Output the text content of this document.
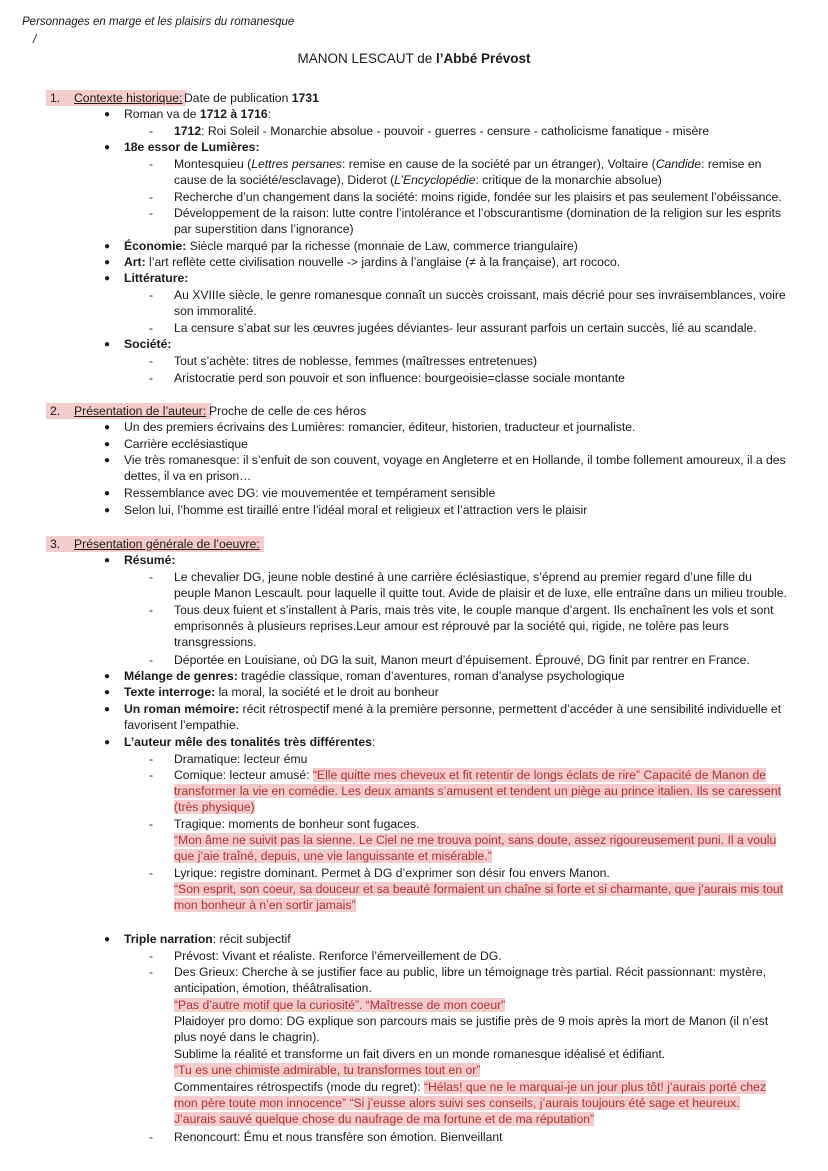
Personnages en marge et les plaisirs du romanesque
/
MANON LESCAUT de l’Abbé Prévost
1. Contexte historique: Date de publication 1731
● Roman va de 1712 à 1716:
- 1712: Roi Soleil - Monarchie absolue - pouvoir - guerres - censure - catholicisme fanatique - misère
● 18e essor de Lumières:
- Montesquieu (Lettres persanes: remise en cause de la société par un étranger), Voltaire (Candide: remise en
cause de la société/esclavage), Diderot (L’Encyclopédie: critique de la monarchie absolue)
- Recherche d’un changement dans la société: moins rigide, fondée sur les plaisirs et pas seulement l’obéissance.
- Développement de la raison: lutte contre l’intolérance et l’obscurantisme (domination de la religion sur les esprits
par superstition dans l’ignorance)
● Économie: Siècle marqué par la richesse (monnaie de Law, commerce triangulaire)
● Art: l’art reflète cette civilisation nouvelle -> jardins à l’anglaise (≠ à la française), art rococo.
● Littérature:
- Au XVIIIe siècle, le genre romanesque connaît un succès croissant, mais décrié pour ses invraisemblances, voire
son immoralité.
- La censure s’abat sur les œuvres jugées déviantes- leur assurant parfois un certain succès, lié au scandale.
● Société:
- Tout s’achète: titres de noblesse, femmes (maîtresses entretenues)
- Aristocratie perd son pouvoir et son influence: bourgeoisie=classe sociale montante
2. Présentation de l’auteur: Proche de celle de ces héros
● Un des premiers écrivains des Lumières: romancier, éditeur, historien, traducteur et journaliste.
● Carrière ecclésiastique
● Vie très romanesque: il s’enfuit de son couvent, voyage en Angleterre et en Hollande, il tombe follement amoureux, il a des
dettes, il va en prison…
● Ressemblance avec DG: vie mouvementée et tempérament sensible
● Selon lui, l’homme est tiraillé entre l’idéal moral et religieux et l’attraction vers le plaisir
3. Présentation générale de l’oeuvre:
● Résumé:
- Le chevalier DG, jeune noble destiné à une carrière éclésiastique, s’éprend au premier regard d’une fille du
peuple Manon Lescault. pour laquelle il quitte tout. Avide de plaisir et de luxe, elle entraîne dans un milieu trouble.
- Tous deux fuient et s’installent à Paris, mais très vite, le couple manque d’argent. Ils enchaînent les vols et sont
emprisonnés à plusieurs reprises.Leur amour est réprouvé par la société qui, rigide, ne tolère pas leurs
transgressions.
- Déportée en Louisiane, où DG la suit, Manon meurt d’épuisement. Éprouvé, DG finit par rentrer en France.
● Mélange de genres: tragédie classique, roman d’aventures, roman d’analyse psychologique
● Texte interroge: la moral, la société et le droit au bonheur
● Un roman mémoire: récit rétrospectif mené à la première personne, permettent d’accéder à une sensibilité individuelle et
favorisent l’empathie.
● L’auteur mêle des tonalités très différentes:
- Dramatique: lecteur ému
- Comique: lecteur amusé: “Elle quitte mes cheveux et fit retentir de longs éclats de rire” Capacité de Manon de
transformer la vie en comédie. Les deux amants s’amusent et tendent un piège au prince italien. Ils se caressent
(très physique)
- Tragique: moments de bonheur sont fugaces.
“Mon âme ne suivit pas la sienne. Le Ciel ne me trouva point, sans doute, assez rigoureusement puni. Il a voulu
que j’aie traîné, depuis, une vie languissante et misérable.”
- Lyrique: registre dominant. Permet à DG d’exprimer son désir fou envers Manon.
“Son esprit, son coeur, sa douceur et sa beauté formaient un chaîne si forte et si charmante, que j’aurais mis tout
mon bonheur à n’en sortir jamais”
● Triple narration: récit subjectif
- Prévost: Vivant et réaliste. Renforce l’émerveillement de DG.
- Des Grieux: Cherche à se justifier face au public, libre un témoignage très partial. Récit passionnant: mystère,
anticipation, émotion, théâtralisation.
“Pas d’autre motif que la curiosité”. “Maîtresse de mon coeur”
Plaidoyer pro domo: DG explique son parcours mais se justifie près de 9 mois après la mort de Manon (il n’est
plus noyé dans le chagrin).
Sublime la réalité et transforme un fait divers en un monde romanesque idéalisé et édifiant.
“Tu es une chimiste admirable, tu transformes tout en or”
Commentaires rétrospectifs (mode du regret): “Hélas! que ne le marquai-je un jour plus tôt! j’aurais porté chez
mon père toute mon innocence” “Si j’eusse alors suivi ses conseils, j’aurais toujours été sage et heureux.
J’aurais sauvé quelque chose du naufrage de ma fortune et de ma réputation”
- Renoncourt: Ému et nous transfère son émotion. Bienveillant
